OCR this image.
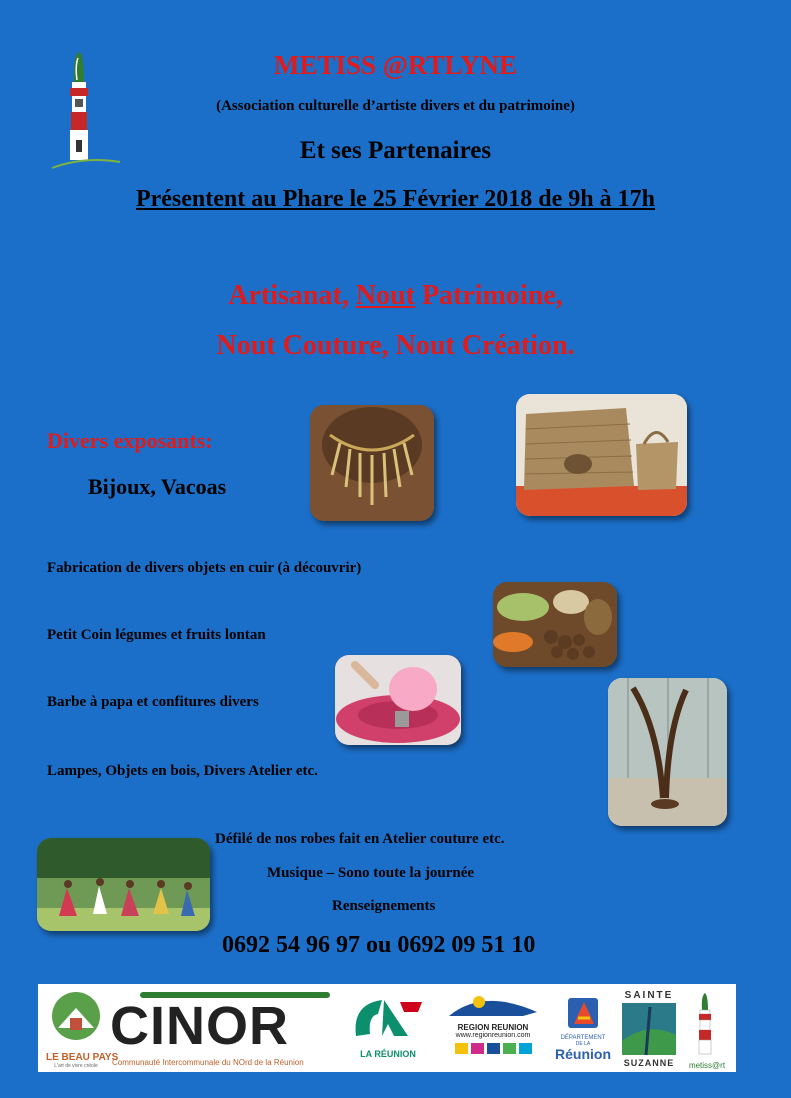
METISS @RTLYNE
(Association culturelle d’artiste divers et du patrimoine)
Et ses Partenaires
Présentent au Phare le 25 Février 2018 de 9h à 17h
Artisanat, Nout Patrimoine,
Nout Couture, Nout Création.
Divers exposants:
Bijoux, Vacoas
Fabrication de divers objets en cuir (à découvrir)
Petit Coin légumes et fruits lontan
Barbe à papa et confitures divers
Lampes, Objets en bois, Divers Atelier etc.
Défilé de nos robes fait en Atelier couture etc.
Musique – Sono toute la journée
Renseignements
0692 54 96 97 ou 0692 09 51 10
LE BEAU PAYS
L'art de vivre créole
CINOR
Communauté Intercommunale du NOrd de la Réunion
LA RÉUNION
REGION REUNION
www.regionreunion.com	DÉPARTEMENT
DE LA
Réunion
SAINTE
SUZANNE	metiss@rt
